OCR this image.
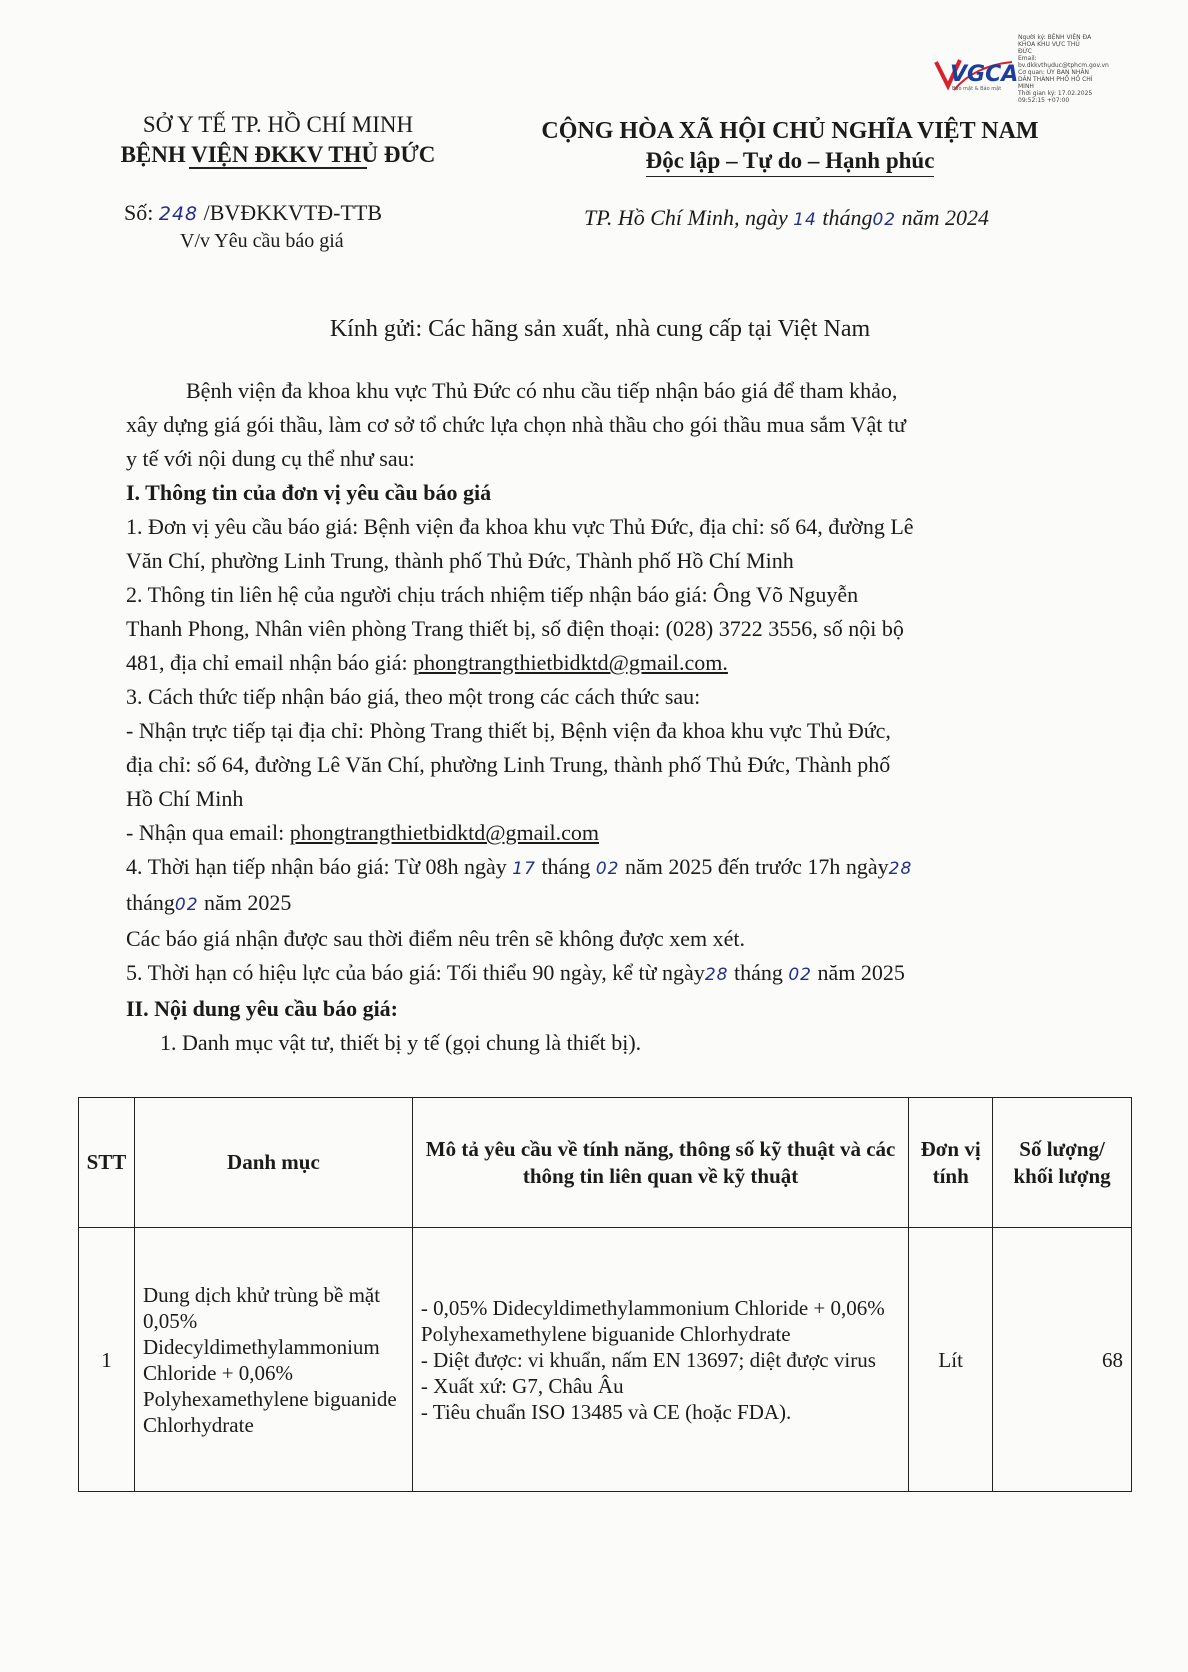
VGCA
Bảo mật & Bảo mật
Người ký: BỆNH VIỆN ĐA
KHOA KHU VỰC THỦ
ĐỨC
Email:
bv.dkkvthuduc@tphcm.gov.vn
Cơ quan: ỦY BAN NHÂN
DÂN THÀNH PHỐ HỒ CHÍ
MINH
Thời gian ký: 17.02.2025
09:52:15 +07:00
SỞ Y TẾ TP. HỒ CHÍ MINH
BỆNH VIỆN ĐKKV THỦ ĐỨC
CỘNG HÒA XÃ HỘI CHỦ NGHĨA VIỆT NAM
Độc lập – Tự do – Hạnh phúc
Số: 248 /BVĐKKVTĐ-TTB
V/v Yêu cầu báo giá
TP. Hồ Chí Minh, ngày 14 tháng02 năm 2024
Kính gửi: Các hãng sản xuất, nhà cung cấp tại Việt Nam
Bệnh viện đa khoa khu vực Thủ Đức có nhu cầu tiếp nhận báo giá để tham khảo,
xây dựng giá gói thầu, làm cơ sở tổ chức lựa chọn nhà thầu cho gói thầu mua sắm Vật tư
y tế với nội dung cụ thể như sau:
I. Thông tin của đơn vị yêu cầu báo giá
1. Đơn vị yêu cầu báo giá: Bệnh viện đa khoa khu vực Thủ Đức, địa chỉ: số 64, đường Lê
Văn Chí, phường Linh Trung, thành phố Thủ Đức, Thành phố Hồ Chí Minh
2. Thông tin liên hệ của người chịu trách nhiệm tiếp nhận báo giá: Ông Võ Nguyễn
Thanh Phong, Nhân viên phòng Trang thiết bị, số điện thoại: (028) 3722 3556, số nội bộ
481, địa chỉ email nhận báo giá: phongtrangthietbidktd@gmail.com.
3. Cách thức tiếp nhận báo giá, theo một trong các cách thức sau:
- Nhận trực tiếp tại địa chỉ: Phòng Trang thiết bị, Bệnh viện đa khoa khu vực Thủ Đức,
địa chỉ: số 64, đường Lê Văn Chí, phường Linh Trung, thành phố Thủ Đức, Thành phố
Hồ Chí Minh
- Nhận qua email: phongtrangthietbidktd@gmail.com
4. Thời hạn tiếp nhận báo giá: Từ 08h ngày 17 tháng 02 năm 2025 đến trước 17h ngày28
tháng02 năm 2025
Các báo giá nhận được sau thời điểm nêu trên sẽ không được xem xét.
5. Thời hạn có hiệu lực của báo giá: Tối thiểu 90 ngày, kể từ ngày28 tháng 02 năm 2025
II. Nội dung yêu cầu báo giá:
1. Danh mục vật tư, thiết bị y tế (gọi chung là thiết bị).
STT	Danh mục	Mô tả yêu cầu về tính năng, thông số kỹ thuật và các thông tin liên quan về kỹ thuật	Đơn vị tính	Số lượng/ khối lượng
1	Dung dịch khử trùng bề mặt 0,05% Didecyldimethylammonium Chloride + 0,06% Polyhexamethylene biguanide Chlorhydrate	- 0,05% Didecyldimethylammonium Chloride + 0,06%
Polyhexamethylene biguanide Chlorhydrate
- Diệt được: vi khuẩn, nấm EN 13697; diệt được virus
- Xuất xứ: G7, Châu Âu
- Tiêu chuẩn ISO 13485 và CE (hoặc FDA).	Lít	68
